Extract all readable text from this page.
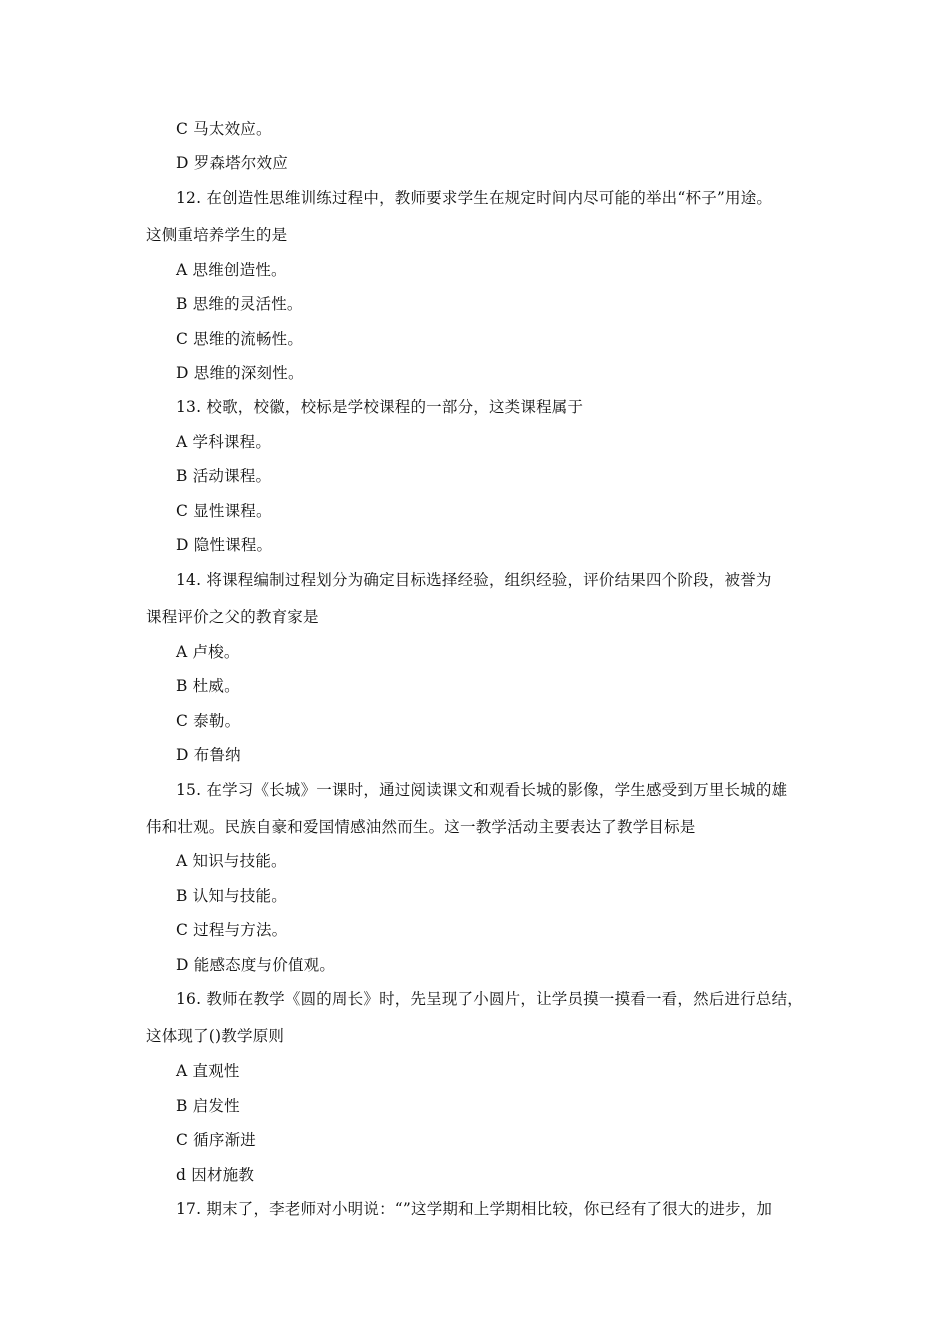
C 马太效应。
D 罗森塔尔效应
12. 在创造性思维训练过程中，教师要求学生在规定时间内尽可能的举出“杯子”用途。
这侧重培养学生的是
A 思维创造性。
B 思维的灵活性。
C 思维的流畅性。
D 思维的深刻性。
13. 校歌，校徽，校标是学校课程的一部分，这类课程属于
A 学科课程。
B 活动课程。
C 显性课程。
D 隐性课程。
14. 将课程编制过程划分为确定目标选择经验，组织经验，评价结果四个阶段，被誉为
课程评价之父的教育家是
A 卢梭。
B 杜威。
C 泰勒。
D 布鲁纳
15. 在学习《长城》一课时，通过阅读课文和观看长城的影像，学生感受到万里长城的雄
伟和壮观。民族自豪和爱国情感油然而生。这一教学活动主要表达了教学目标是
A 知识与技能。
B 认知与技能。
C 过程与方法。
D 能感态度与价值观。
16. 教师在教学《圆的周长》时，先呈现了小圆片，让学员摸一摸看一看，然后进行总结，
这体现了()教学原则
A 直观性
B 启发性
C 循序渐进
d 因材施教
17. 期末了，李老师对小明说：“”这学期和上学期相比较，你已经有了很大的进步，加
